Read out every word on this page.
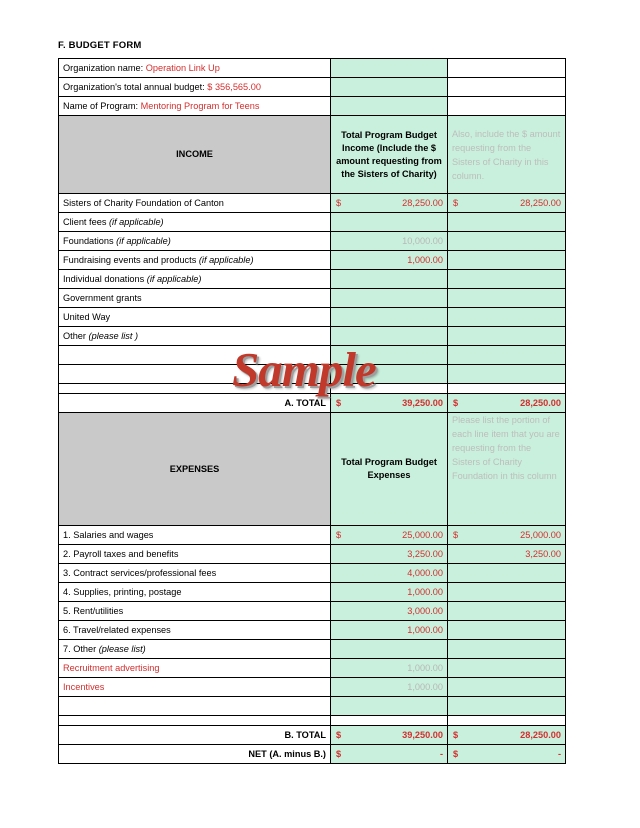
F. BUDGET FORM
Organization name: Operation Link Up		
Organization's total annual budget: $ 356,565.00		
Name of Program: Mentoring Program for Teens		
INCOME	Total Program Budget Income (Include the $ amount requesting from the Sisters of Charity)	Also, include the $ amount requesting from the Sisters of Charity in this column.
Sisters of Charity Foundation of Canton	$ 28,250.00	$ 28,250.00

Client fees (if applicable)	

Foundations (if applicable)	10,000.00	

Fundraising events and products (if applicable)	1,000.00	

Individual donations (if applicable)	

Government grants	

United Way	

Other (please list )	

A. TOTAL	$ 39,250.00	$ 28,250.00

EXPENSES	Total Program Budget Expenses	Please list the portion of each line item that you are requesting from the Sisters of Charity Foundation in this column
1. Salaries and wages	$ 25,000.00	$ 25,000.00

2. Payroll taxes and benefits	3,250.00	3,250.00

3. Contract services/professional fees	4,000.00	

4. Supplies, printing, postage	1,000.00	

5. Rent/utilities	3,000.00	

6. Travel/related expenses	1,000.00	

7. Other (please list)	

Recruitment advertising	1,000.00	

Incentives	1,000.00	

B. TOTAL	$ 39,250.00	$ 28,250.00

NET (A. minus B.)	$ -	$ -
Sample
